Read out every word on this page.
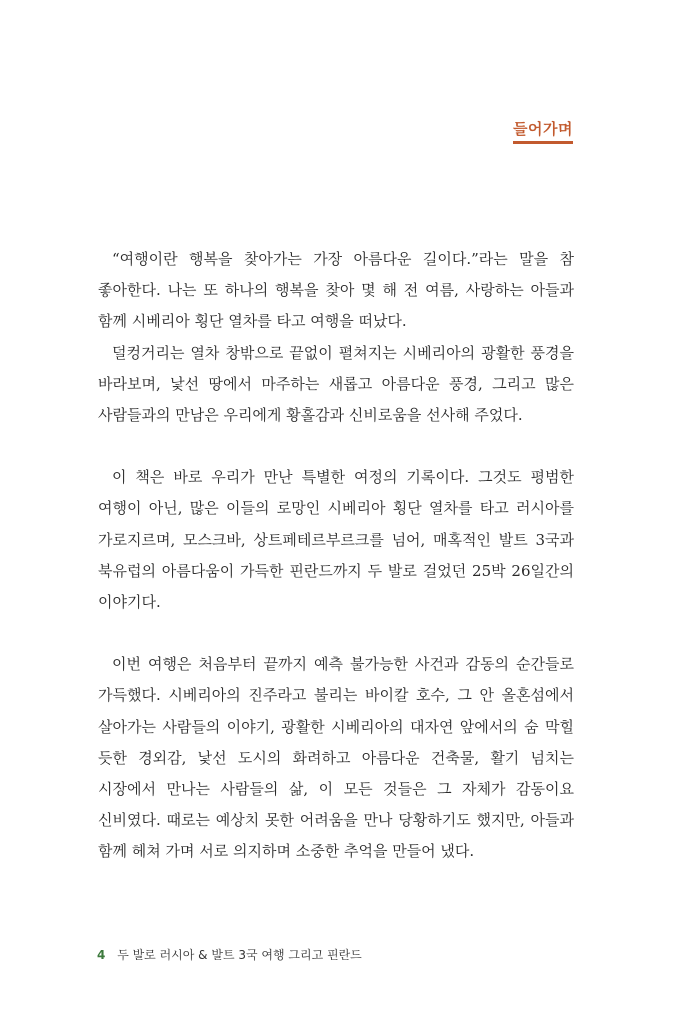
들어가며

“여행이란 행복을 찾아가는 가장 아름다운 길이다.”라는 말을 참 좋아한다. 나는 또 하나의 행복을 찾아 몇 해 전 여름, 사랑하는 아들과 함께 시베리아 횡단 열차를 타고 여행을 떠났다.

덜컹거리는 열차 창밖으로 끝없이 펼쳐지는 시베리아의 광활한 풍경을 바라보며, 낯선 땅에서 마주하는 새롭고 아름다운 풍경, 그리고 많은 사람들과의 만남은 우리에게 황홀감과 신비로움을 선사해 주었다.

이 책은 바로 우리가 만난 특별한 여정의 기록이다. 그것도 평범한 여행이 아닌, 많은 이들의 로망인 시베리아 횡단 열차를 타고 러시아를 가로지르며, 모스크바, 상트페테르부르크를 넘어, 매혹적인 발트 3국과 북유럽의 아름다움이 가득한 핀란드까지 두 발로 걸었던 25박 26일간의 이야기다.

이번 여행은 처음부터 끝까지 예측 불가능한 사건과 감동의 순간들로 가득했다. 시베리아의 진주라고 불리는 바이칼 호수, 그 안 올혼섬에서 살아가는 사람들의 이야기, 광활한 시베리아의 대자연 앞에서의 숨 막힐 듯한 경외감, 낯선 도시의 화려하고 아름다운 건축물, 활기 넘치는 시장에서 만나는 사람들의 삶, 이 모든 것들은 그 자체가 감동이요 신비였다. 때로는 예상치 못한 어려움을 만나 당황하기도 했지만, 아들과 함께 헤쳐 가며 서로 의지하며 소중한 추억을 만들어 냈다.

4 두 발로 러시아 & 발트 3국 여행 그리고 핀란드
